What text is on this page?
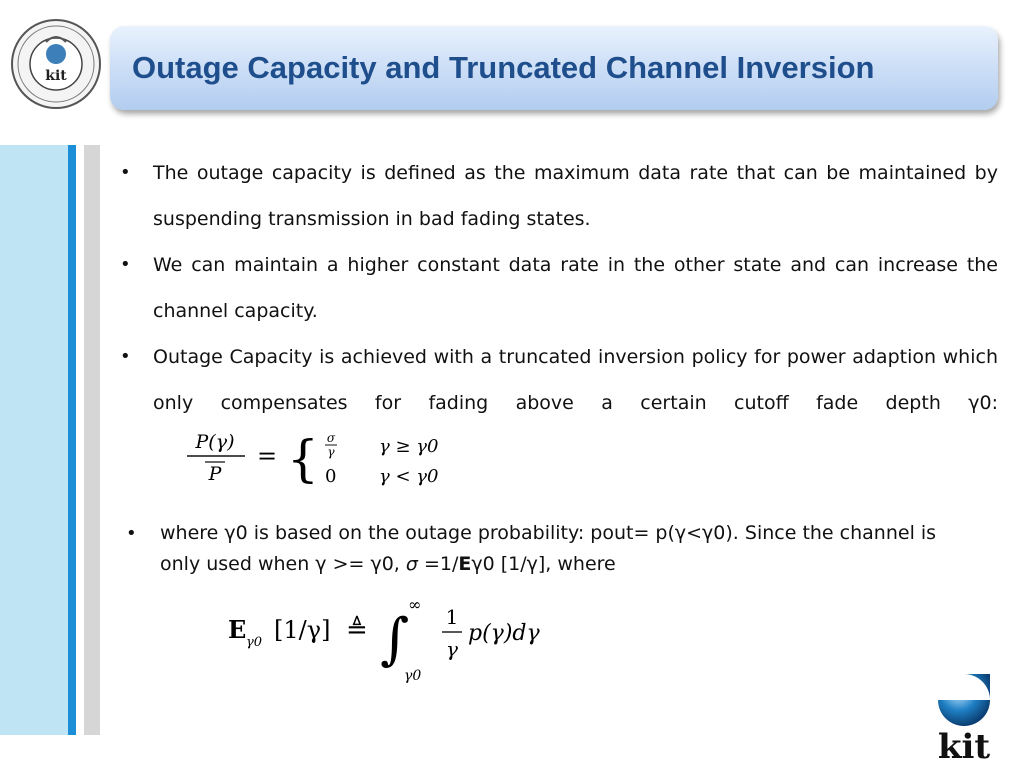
kit Outage Capacity and Truncated Channel Inversion

• The outage capacity is defined as the maximum data rate that can be maintained by suspending transmission in bad fading states.

• We can maintain a higher constant data rate in the other state and can increase the channel capacity.

• Outage Capacity is achieved with a truncated inversion policy for power adaption which only compensates for fading above a certain cutoff fade depth γ0:
P(γ)
P
= { σ
γ γ ≥ γ0
0 γ < γ0

• where γ0 is based on the outage probability: pout= p(γ<γ0). Since the channel is
only used when γ >= γ0, σ =1/Eγ0 [1/γ], where
E γ0 [1/γ] ≜ ∫
∞
γ0
1
γ
p(γ)dγ
kit
